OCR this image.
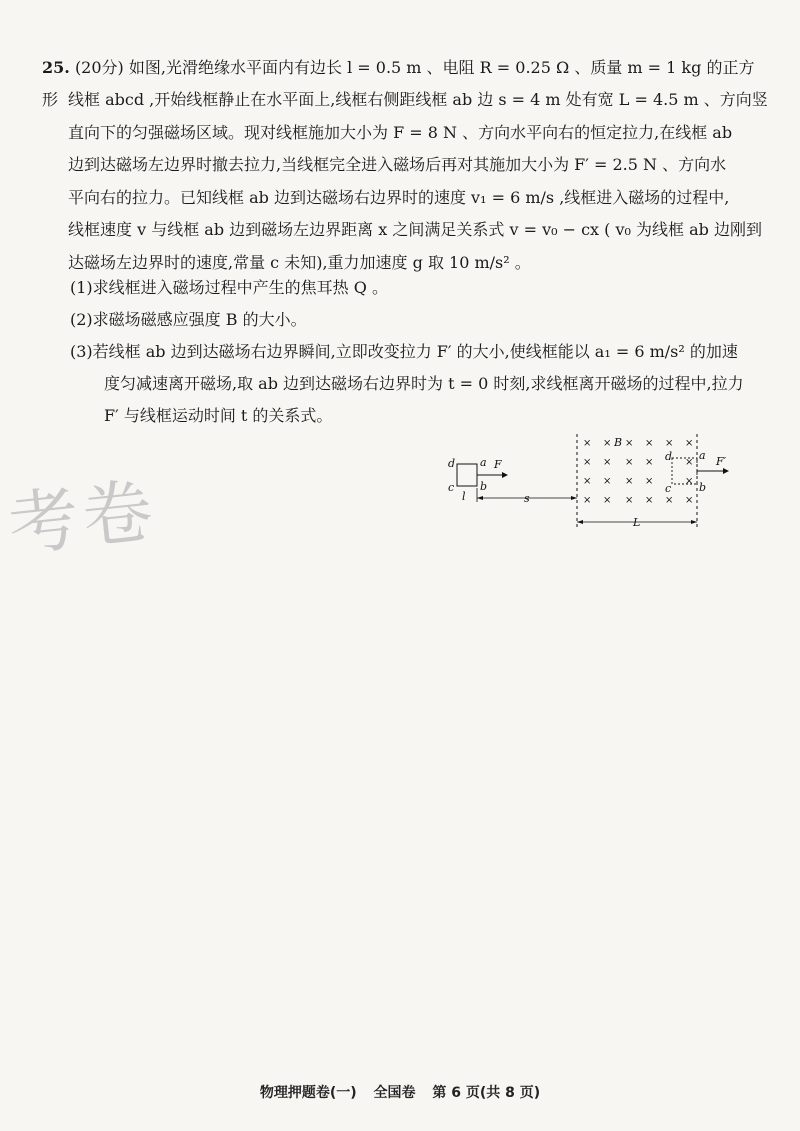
25. (20分) 如图,光滑绝缘水平面内有边长 l = 0.5 m 、电阻 R = 0.25 Ω 、质量 m = 1 kg 的正方形 线框 abcd ,开始线框静止在水平面上,线框右侧距线框 ab 边 s = 4 m 处有宽 L = 4.5 m 、方向竖
直向下的匀强磁场区域。现对线框施加大小为 F = 8 N 、方向水平向右的恒定拉力,在线框 ab
边到达磁场左边界时撤去拉力,当线框完全进入磁场后再对其施加大小为 F′ = 2.5 N 、方向水
平向右的拉力。已知线框 ab 边到达磁场右边界时的速度 v₁ = 6 m/s ,线框进入磁场的过程中,
线框速度 v 与线框 ab 边到磁场左边界距离 x 之间满足关系式 v = v₀ − cx ( v₀ 为线框 ab 边刚到
达磁场左边界时的速度,常量 c 未知),重力加速度 g 取 10 m/s² 。
(1)求线框进入磁场过程中产生的焦耳热 Q 。
(2)求磁场磁感应强度 B 的大小。
(3)若线框 ab 边到达磁场右边界瞬间,立即改变拉力 F′ 的大小,使线框能以 a₁ = 6 m/s² 的加速
度匀减速离开磁场,取 ab 边到达磁场右边界时为 t = 0 时刻,求线框离开磁场的过程中,拉力
F′ 与线框运动时间 t 的关系式。
考卷
d a
c b
F
l	s
× × × × × ×
× × × ×	×
× × × ×	×
× × × × × ×
B
d
c
a
b
F′
L
物理押题卷(一) 全国卷 第 6 页(共 8 页)
